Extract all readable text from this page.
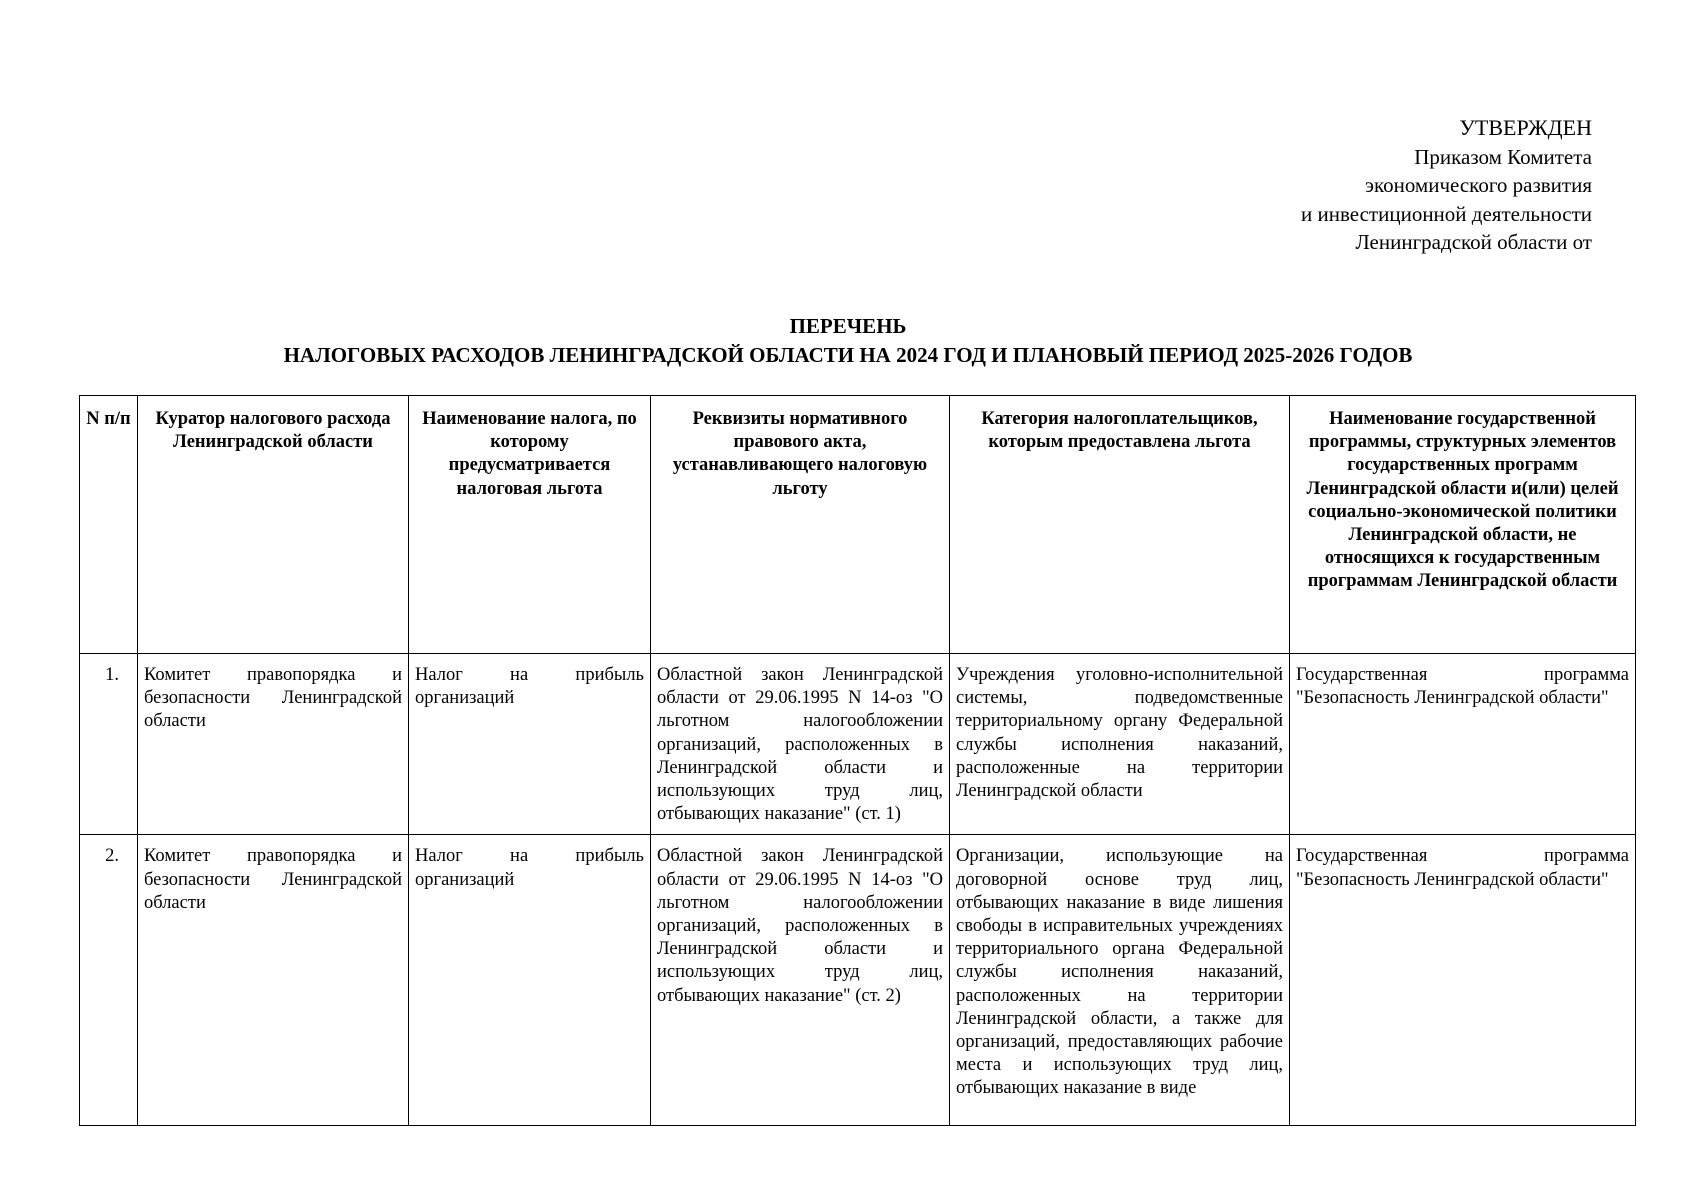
УТВЕРЖДЕН
Приказом Комитета
экономического развития
и инвестиционной деятельности
Ленинградской области от
ПЕРЕЧЕНЬ
НАЛОГОВЫХ РАСХОДОВ ЛЕНИНГРАДСКОЙ ОБЛАСТИ НА 2024 ГОД И ПЛАНОВЫЙ ПЕРИОД 2025-2026 ГОДОВ
N п/п	Куратор налогового расхода Ленинградской области	Наименование налога, по которому предусматривается налоговая льгота	Реквизиты нормативного правового акта, устанавливающего налоговую льготу	Категория налогоплательщиков, которым предоставлена льгота	Наименование государственной программы, структурных элементов государственных программ Ленинградской области и(или) целей социально-экономической политики Ленинградской области, не относящихся к государственным программам Ленинградской области
1.	Комитет правопорядка и безопасности Ленинградской области	Налог на прибыль организаций	Областной закон Ленинградской области от 29.06.1995 N 14-оз "О льготном налогообложении организаций, расположенных в Ленинградской области и использующих труд лиц, отбывающих наказание" (ст. 1)	Учреждения уголовно-исполнительной системы, подведомственные территориальному органу Федеральной службы исполнения наказаний, расположенные на территории Ленинградской области	Государственная программа "Безопасность Ленинградской области"
2.	Комитет правопорядка и безопасности Ленинградской области	Налог на прибыль организаций	Областной закон Ленинградской области от 29.06.1995 N 14-оз "О льготном налогообложении организаций, расположенных в Ленинградской области и использующих труд лиц, отбывающих наказание" (ст. 2)	Организации, использующие на договорной основе труд лиц, отбывающих наказание в виде лишения свободы в исправительных учреждениях территориального органа Федеральной службы исполнения наказаний, расположенных на территории Ленинградской области, а также для организаций, предоставляющих рабочие места и использующих труд лиц, отбывающих наказание в виде	Государственная программа "Безопасность Ленинградской области"
